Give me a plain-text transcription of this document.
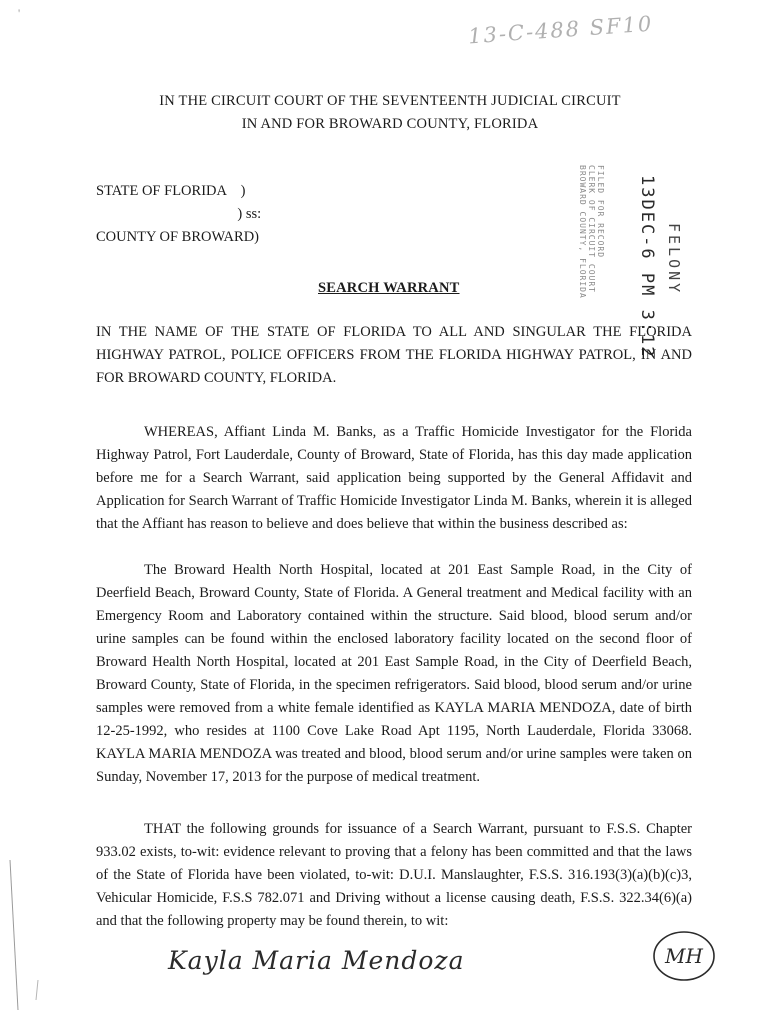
'	13-C-488 SF10
IN THE CIRCUIT COURT OF THE SEVENTEENTH JUDICIAL CIRCUIT
IN AND FOR BROWARD COUNTY, FLORIDA
STATE OF FLORIDA    )
) ss:
COUNTY OF BROWARD)	FILED FOR RECORD
CLERK OF CIRCUIT COURT
BROWARD COUNTY, FLORIDA	13DEC-6 PM 3:12 FELONY
SEARCH WARRANT
IN THE NAME OF THE STATE OF FLORIDA TO ALL AND SINGULAR THE FLORIDA HIGHWAY PATROL, POLICE OFFICERS FROM THE FLORIDA HIGHWAY PATROL, IN AND FOR BROWARD COUNTY, FLORIDA.

WHEREAS, Affiant Linda M. Banks, as a Traffic Homicide Investigator for the Florida Highway Patrol, Fort Lauderdale, County of Broward, State of Florida, has this day made application before me for a Search Warrant, said application being supported by the General Affidavit and Application for Search Warrant of Traffic Homicide Investigator Linda M. Banks, wherein it is alleged that the Affiant has reason to believe and does believe that within the business described as:

The Broward Health North Hospital, located at 201 East Sample Road, in the City of Deerfield Beach, Broward County, State of Florida. A General treatment and Medical facility with an Emergency Room and Laboratory contained within the structure. Said blood, blood serum and/or urine samples can be found within the enclosed laboratory facility located on the second floor of Broward Health North Hospital, located at 201 East Sample Road, in the City of Deerfield Beach, Broward County, State of Florida, in the specimen refrigerators. Said blood, blood serum and/or urine samples were removed from a white female identified as KAYLA MARIA MENDOZA, date of birth 12-25-1992, who resides at 1100 Cove Lake Road Apt 1195, North Lauderdale, Florida 33068. KAYLA MARIA MENDOZA was treated and blood, blood serum and/or urine samples were taken on Sunday, November 17, 2013 for the purpose of medical treatment.

THAT the following grounds for issuance of a Search Warrant, pursuant to F.S.S. Chapter 933.02 exists, to-wit: evidence relevant to proving that a felony has been committed and that the laws of the State of Florida have been violated, to-wit: D.U.I. Manslaughter, F.S.S. 316.193(3)(a)(b)(c)3, Vehicular Homicide, F.S.S 782.071 and Driving without a license causing death, F.S.S. 322.34(6)(a) and that the following property may be found therein, to wit:

Kayla Maria Mendoza	MH
